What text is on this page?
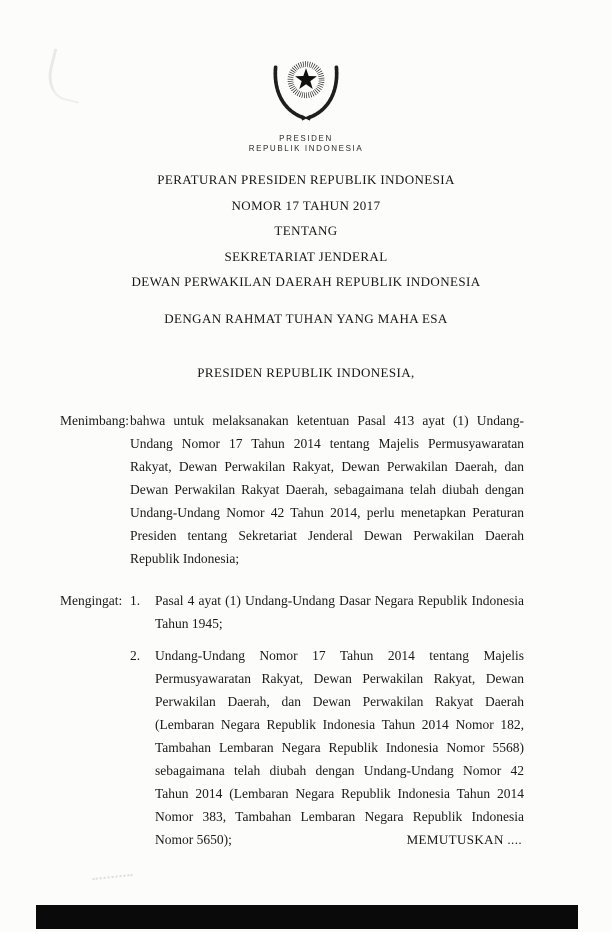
PRESIDEN
REPUBLIK INDONESIA
PERATURAN PRESIDEN REPUBLIK INDONESIA
NOMOR 17 TAHUN 2017
TENTANG
SEKRETARIAT JENDERAL
DEWAN PERWAKILAN DAERAH REPUBLIK INDONESIA
DENGAN RAHMAT TUHAN YANG MAHA ESA
PRESIDEN REPUBLIK INDONESIA,
Menimbang: bahwa untuk melaksanakan ketentuan Pasal 413 ayat (1) Undang-Undang Nomor 17 Tahun 2014 tentang Majelis Permusyawaratan Rakyat, Dewan Perwakilan Rakyat, Dewan Perwakilan Daerah, dan Dewan Perwakilan Rakyat Daerah, sebagaimana telah diubah dengan Undang-Undang Nomor 42 Tahun 2014, perlu menetapkan Peraturan Presiden tentang Sekretariat Jenderal Dewan Perwakilan Daerah Republik Indonesia;

Mengingat: 1.	Pasal 4 ayat (1) Undang-Undang Dasar Negara Republik Indonesia Tahun 1945;

2.	Undang-Undang Nomor 17 Tahun 2014 tentang Majelis Permusyawaratan Rakyat, Dewan Perwakilan Rakyat, Dewan Perwakilan Daerah, dan Dewan Perwakilan Rakyat Daerah (Lembaran Negara Republik Indonesia Tahun 2014 Nomor 182, Tambahan Lembaran Negara Republik Indonesia Nomor 5568) sebagaimana telah diubah dengan Undang-Undang Nomor 42 Tahun 2014 (Lembaran Negara Republik Indonesia Tahun 2014 Nomor 383, Tambahan Lembaran Negara Republik Indonesia Nomor 5650);	MEMUTUSKAN ....
